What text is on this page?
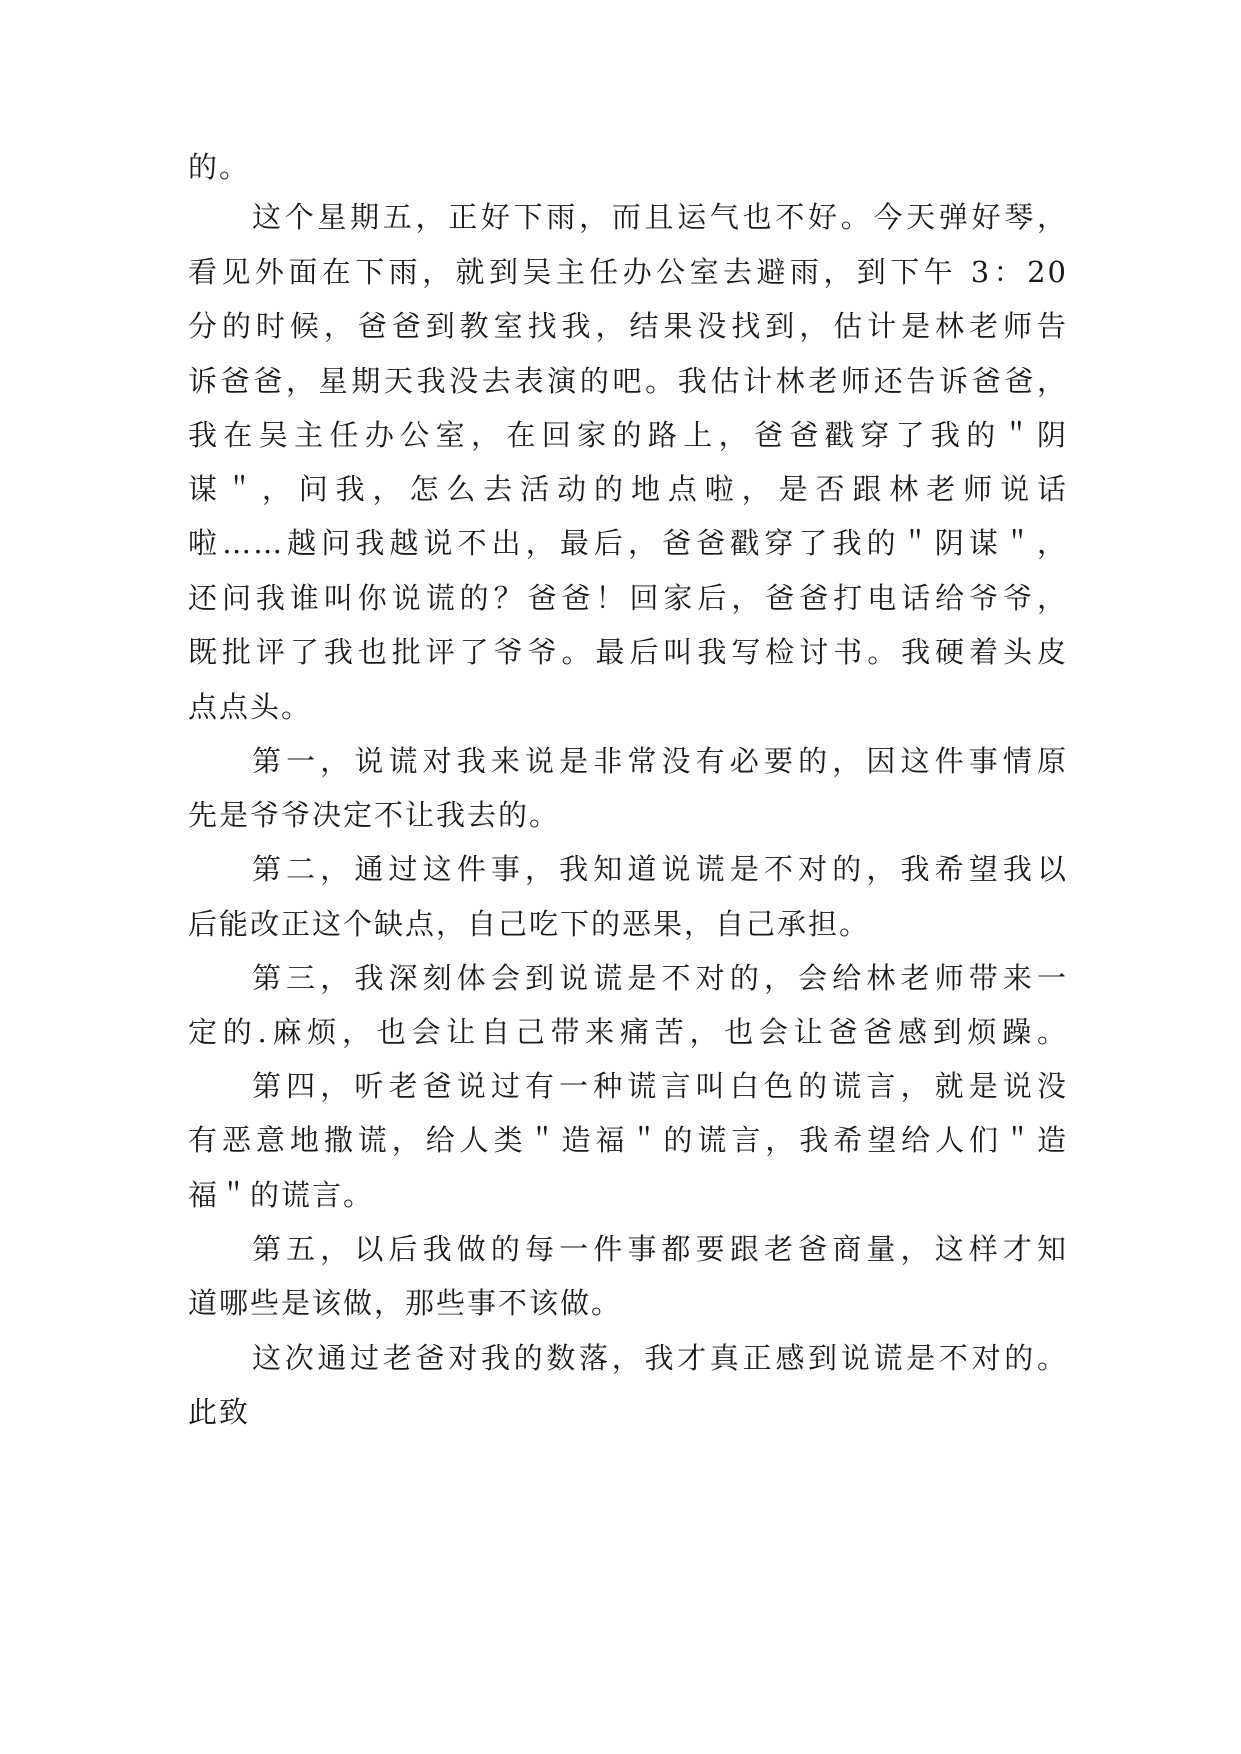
的。
这个星期五，正好下雨，而且运气也不好。今天弹好琴，
看见外面在下雨，就到吴主任办公室去避雨，到下午 3：20
分的时候，爸爸到教室找我，结果没找到，估计是林老师告
诉爸爸，星期天我没去表演的吧。我估计林老师还告诉爸爸，
我在吴主任办公室，在回家的路上，爸爸戳穿了我的＂阴
谋＂，问我，怎么去活动的地点啦，是否跟林老师说话
啦……越问我越说不出，最后，爸爸戳穿了我的＂阴谋＂，
还问我谁叫你说谎的？爸爸！回家后，爸爸打电话给爷爷，
既批评了我也批评了爷爷。最后叫我写检讨书。我硬着头皮
点点头。
第一，说谎对我来说是非常没有必要的，因这件事情原
先是爷爷决定不让我去的。
第二，通过这件事，我知道说谎是不对的，我希望我以
后能改正这个缺点，自己吃下的恶果，自己承担。
第三，我深刻体会到说谎是不对的，会给林老师带来一
定的.麻烦，也会让自己带来痛苦，也会让爸爸感到烦躁。
第四，听老爸说过有一种谎言叫白色的谎言，就是说没
有恶意地撒谎，给人类＂造福＂的谎言，我希望给人们＂造
福＂的谎言。
第五，以后我做的每一件事都要跟老爸商量，这样才知
道哪些是该做，那些事不该做。
这次通过老爸对我的数落，我才真正感到说谎是不对的。
此致
